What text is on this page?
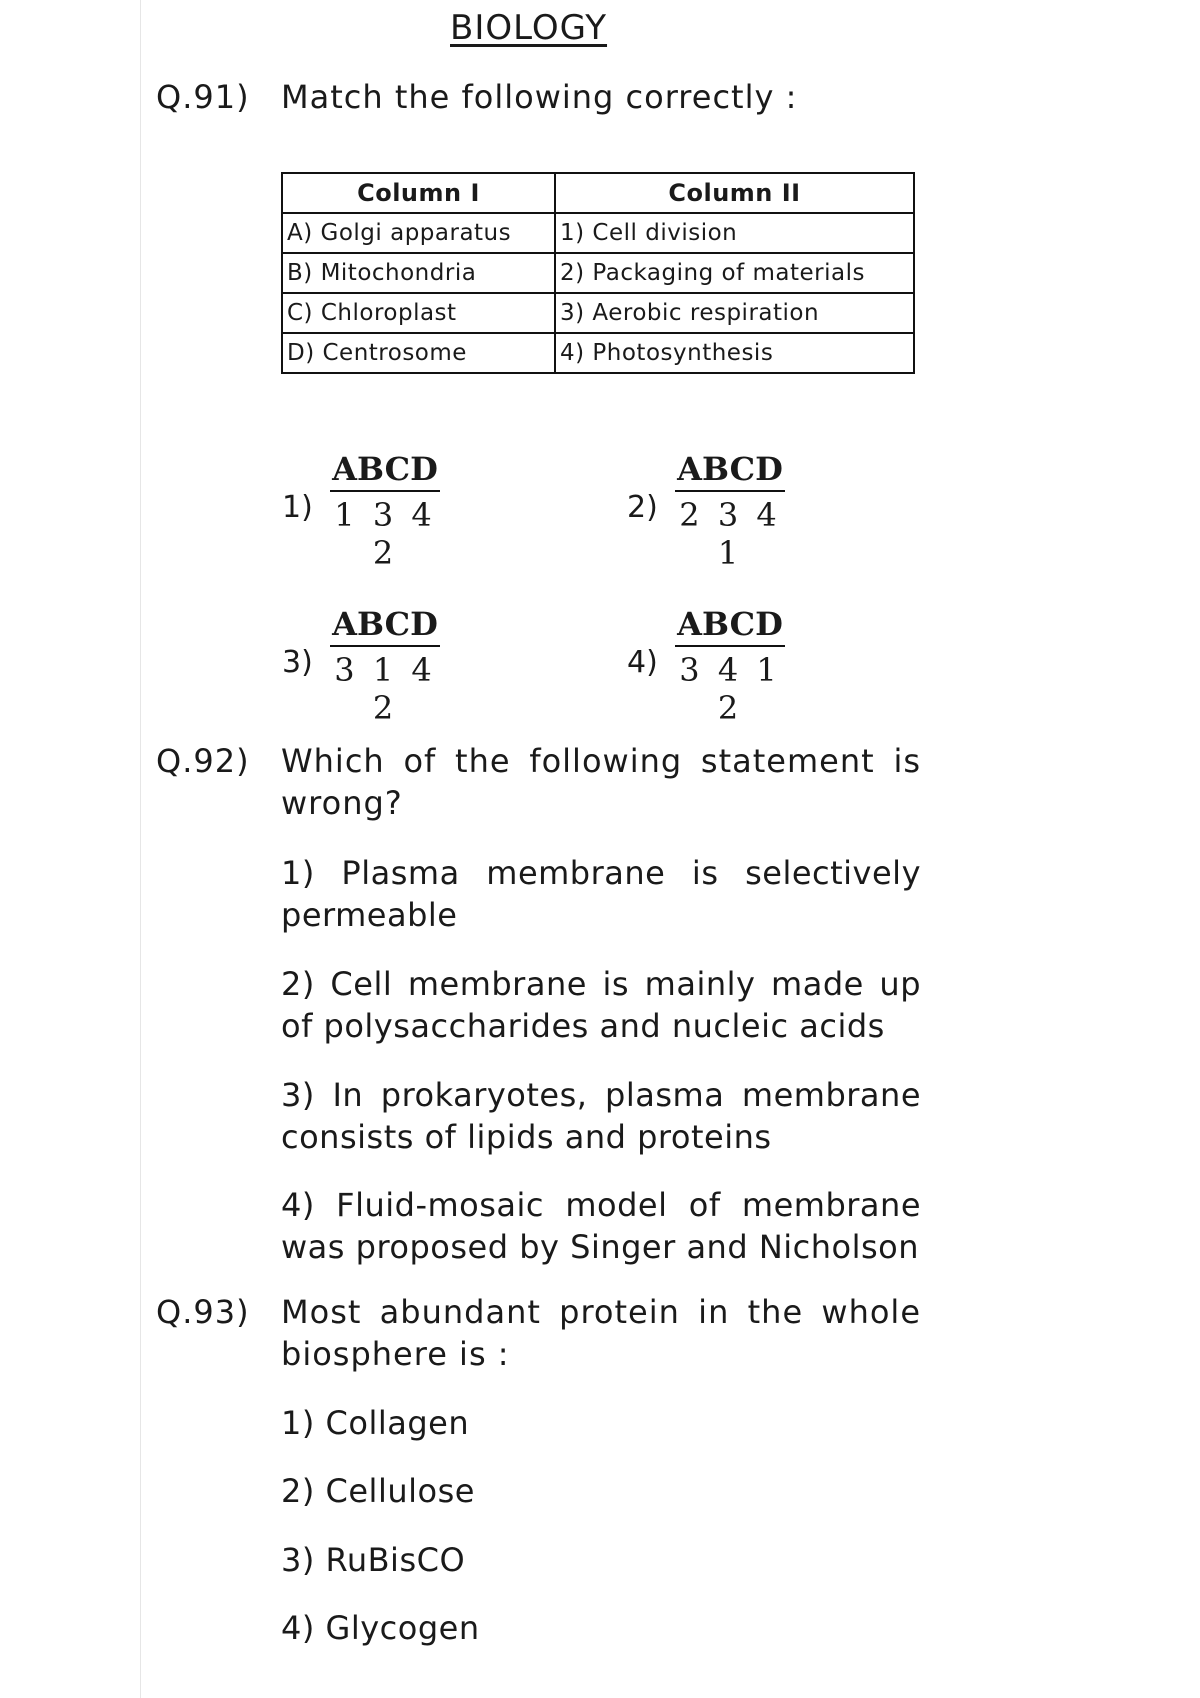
BIOLOGY
Q.91) Match the following correctly :
Column I	Column II
A) Golgi apparatus	1) Cell division
B) Mitochondria	2) Packaging of materials
C) Chloroplast	3) Aerobic respiration
D) Centrosome	4) Photosynthesis
1)
ABCD
1 3 4 2
2)
ABCD
2 3 4 1
3)
ABCD
3 1 4 2
4)
ABCD
3 4 1 2
Q.92) Which of the following statement is wrong?
1) Plasma membrane is selectively permeable
2) Cell membrane is mainly made up of polysaccharides and nucleic acids
3) In prokaryotes, plasma membrane consists of lipids and proteins
4) Fluid-mosaic model of membrane was proposed by Singer and Nicholson
Q.93) Most abundant protein in the whole biosphere is :
1) Collagen
2) Cellulose
3) RuBisCO
4) Glycogen
